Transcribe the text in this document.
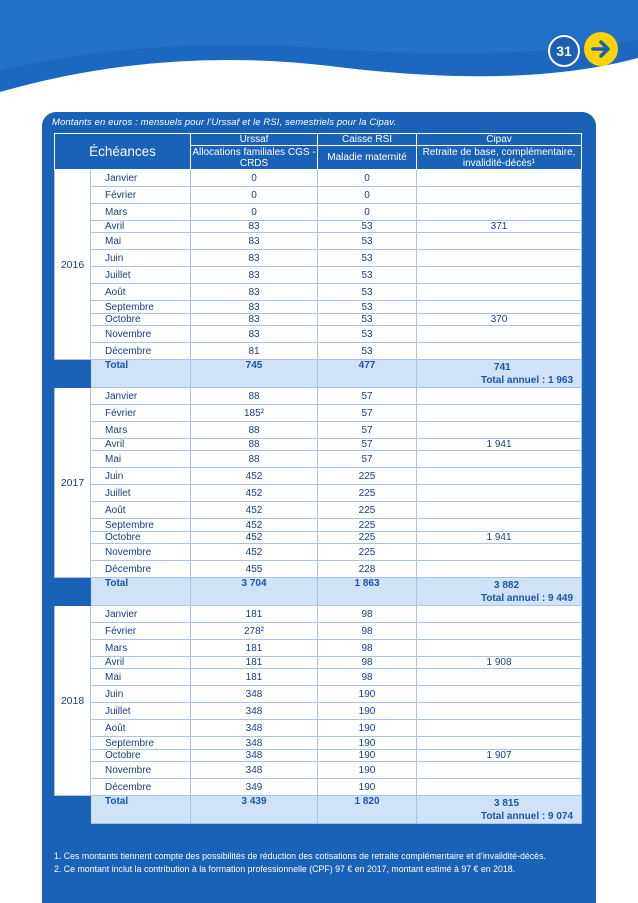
31
Montants en euros : mensuels pour l’Urssaf et le RSI, semestriels pour la Cipav.
Échéances		Urssaf	Caisse RSI	Cipav
		Allocations familiales CGS - CRDS	Maladie maternité	Retraite de base, complémentaire, invalidité-décès¹
2016	Janvier	0	0	
	Février	0	0	
	Mars	0	0	
	Avril	83	53	371
	Mai	83	53	
	Juin	83	53	
	Juillet	83	53	
	Août	83	53	
	Septembre	83	53	
	Octobre	83	53	370
	Novembre	83	53	
	Décembre	81	53	
	Total	745	477	741
Total annuel : 1 963

2017	Janvier	88	57	
	Février	185²	57	
	Mars	88	57	
	Avril	88	57	1 941
	Mai	88	57	
	Juin	452	225	
	Juillet	452	225	
	Août	452	225	
	Septembre	452	225	
	Octobre	452	225	1 941
	Novembre	452	225	
	Décembre	455	228	
	Total	3 704	1 863	3 882
Total annuel : 9 449

2018	Janvier	181	98	
	Février	278²	98	
	Mars	181	98	
	Avril	181	98	1 908
	Mai	181	98	
	Juin	348	190	
	Juillet	348	190	
	Août	348	190	
	Septembre	348	190	
	Octobre	348	190	1 907
	Novembre	348	190	
	Décembre	349	190	
	Total	3 439	1 820	3 815
Total annuel : 9 074
1. Ces montants tiennent compte des possibilités de réduction des cotisations de retraite complémentaire et d’invalidité-décès.
2. Ce montant inclut la contribution à la formation professionnelle (CPF) 97 € en 2017, montant estimé à 97 € en 2018.
